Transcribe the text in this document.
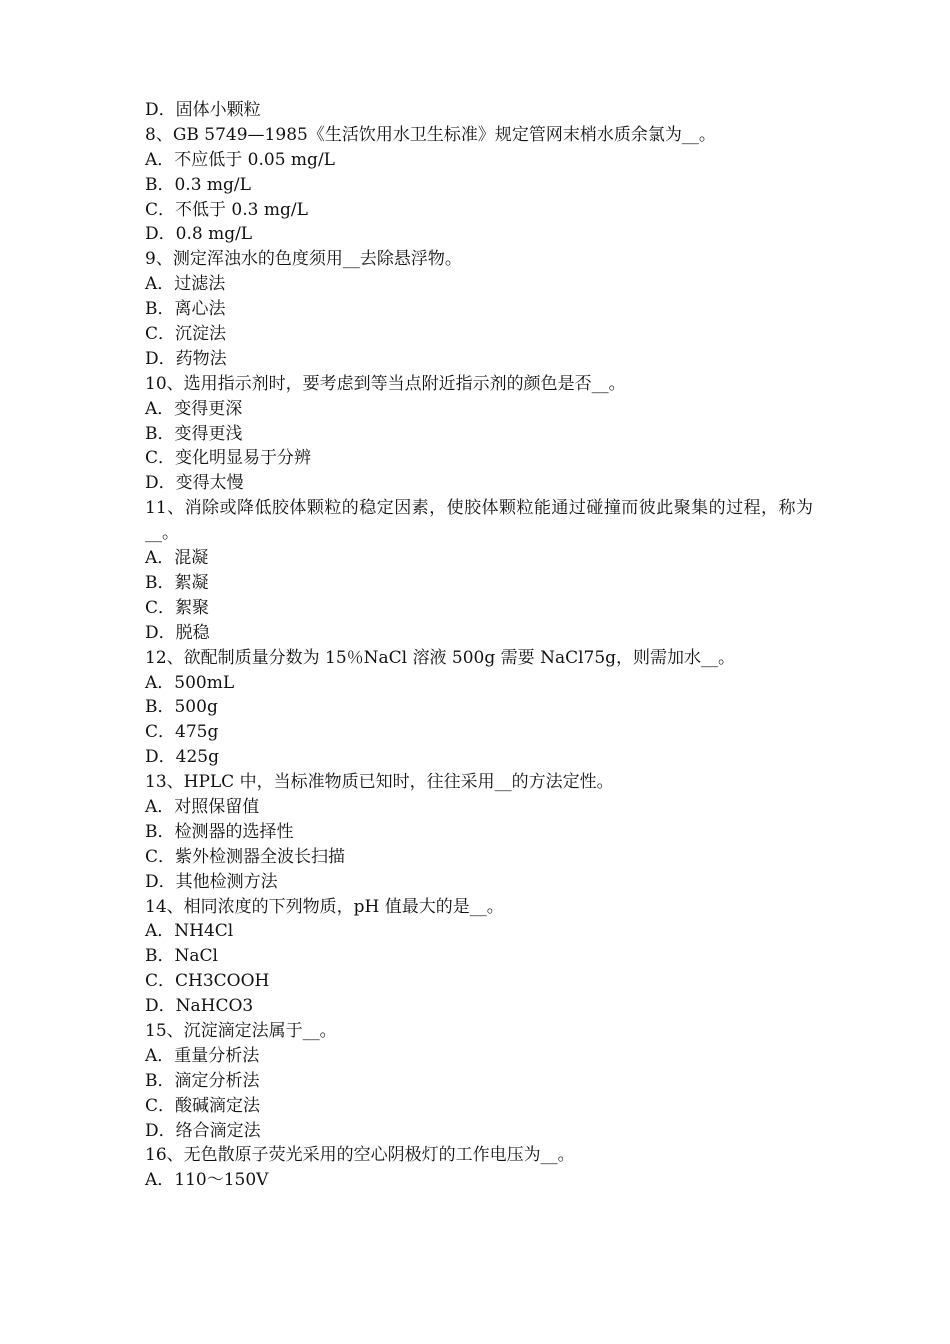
D．固体小颗粒
8、GB 5749—1985《生活饮用水卫生标准》规定管网末梢水质余氯为__。
A．不应低于 0.05 mg/L
B．0.3 mg/L
C．不低于 0.3 mg/L
D．0.8 mg/L
9、测定浑浊水的色度须用__去除悬浮物。
A．过滤法
B．离心法
C．沉淀法
D．药物法
10、选用指示剂时，要考虑到等当点附近指示剂的颜色是否__。
A．变得更深
B．变得更浅
C．变化明显易于分辨
D．变得太慢
11、消除或降低胶体颗粒的稳定因素，使胶体颗粒能通过碰撞而彼此聚集的过程，称为__。
A．混凝
B．絮凝
C．絮聚
D．脱稳
12、欲配制质量分数为 15％NaCl 溶液 500g 需要 NaCl75g，则需加水__。
A．500mL
B．500g
C．475g
D．425g
13、HPLC 中，当标准物质已知时，往往采用__的方法定性。
A．对照保留值
B．检测器的选择性
C．紫外检测器全波长扫描
D．其他检测方法
14、相同浓度的下列物质，pH 值最大的是__。
A．NH4Cl
B．NaCl
C．CH3COOH
D．NaHCO3
15、沉淀滴定法属于__。
A．重量分析法
B．滴定分析法
C．酸碱滴定法
D．络合滴定法
16、无色散原子荧光采用的空心阴极灯的工作电压为__。
A．110～150V
